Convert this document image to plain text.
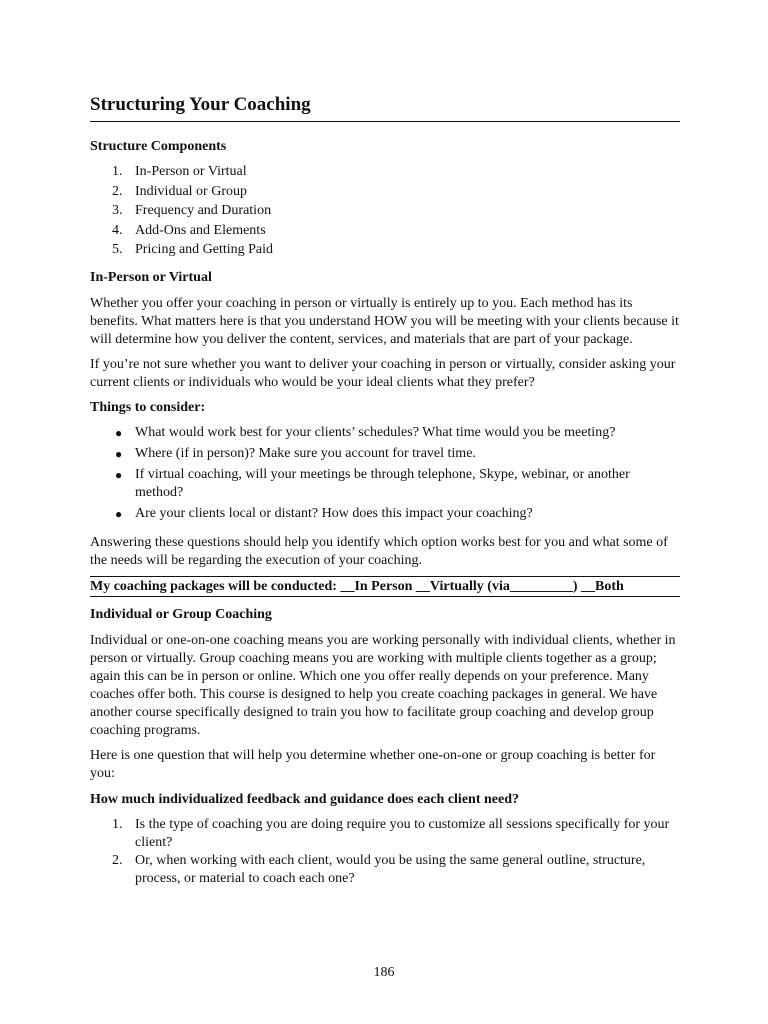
Structuring Your Coaching
Structure Components
1. In-Person or Virtual
2. Individual or Group
3. Frequency and Duration
4. Add-Ons and Elements
5. Pricing and Getting Paid
In-Person or Virtual

Whether you offer your coaching in person or virtually is entirely up to you. Each method has its benefits. What matters here is that you understand HOW you will be meeting with your clients because it will determine how you deliver the content, services, and materials that are part of your package.

If you’re not sure whether you want to deliver your coaching in person or virtually, consider asking your current clients or individuals who would be your ideal clients what they prefer?

Things to consider:
● What would work best for your clients’ schedules? What time would you be meeting?
● Where (if in person)? Make sure you account for travel time.
● If virtual coaching, will your meetings be through telephone, Skype, webinar, or another method?
● Are your clients local or distant? How does this impact your coaching?

Answering these questions should help you identify which option works best for you and what some of the needs will be regarding the execution of your coaching.

My coaching packages will be conducted: __In Person __Virtually (via_________) __Both
Individual or Group Coaching

Individual or one-on-one coaching means you are working personally with individual clients, whether in person or virtually. Group coaching means you are working with multiple clients together as a group; again this can be in person or online. Which one you offer really depends on your preference. Many coaches offer both. This course is designed to help you create coaching packages in general. We have another course specifically designed to train you how to facilitate group coaching and develop group coaching programs.

Here is one question that will help you determine whether one-on-one or group coaching is better for you:

How much individualized feedback and guidance does each client need?
1. Is the type of coaching you are doing require you to customize all sessions specifically for your client?
2. Or, when working with each client, would you be using the same general outline, structure, process, or material to coach each one?
186
